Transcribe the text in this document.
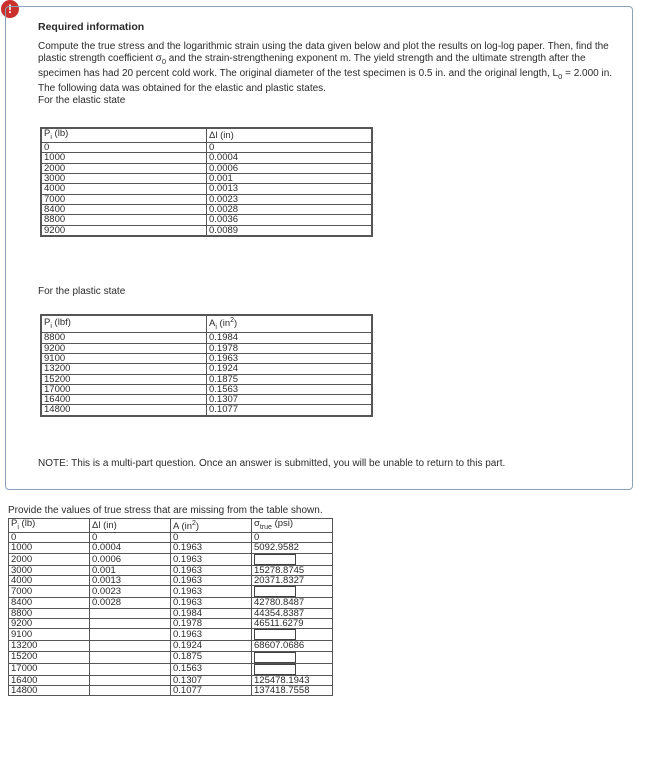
!

Required information

Compute the true stress and the logarithmic strain using the data given below and plot the results on log-log paper. Then, find the plastic strength coefficient $\sigma_0$ and the strain-strengthening exponent m. The yield strength and the ultimate strength after the specimen has had 20 percent cold work. The original diameter of the test specimen is 0.5 in. and the original length, $L_0 = 2.000$ in. The following data was obtained for the elastic and plastic states.

For the elastic state

$P_i$ (lb)	Δl (in)
0	0
1000	0.0004
2000	0.0006
3000	0.001
4000	0.0013
7000	0.0023
8400	0.0028
8800	0.0036
9200	0.0089

For the plastic state

$P_i$ (lbf)	$A_i$ $(in^2)$
8800	0.1984
9200	0.1978
9100	0.1963
13200	0.1924
15200	0.1875
17000	0.1563
16400	0.1307
14800	0.1077

NOTE: This is a multi-part question. Once an answer is submitted, you will be unable to return to this part.

Provide the values of true stress that are missing from the table shown.

$P_i$ (lb)	Δl (in)	A $(in^2)$	$\sigma_{true}$ (psi)
0	0	0	0
1000	0.0004	0.1963	5092.9582
2000	0.0006	0.1963	
3000	0.001	0.1963	15278.8745
4000	0.0013	0.1963	20371.8327
7000	0.0023	0.1963	
8400	0.0028	0.1963	42780.8487
8800		0.1984	44354.8387
9200		0.1978	46511.6279
9100		0.1963	
13200		0.1924	68607.0686
15200		0.1875	
17000		0.1563	
16400		0.1307	125478.1943
14800		0.1077	137418.7558
